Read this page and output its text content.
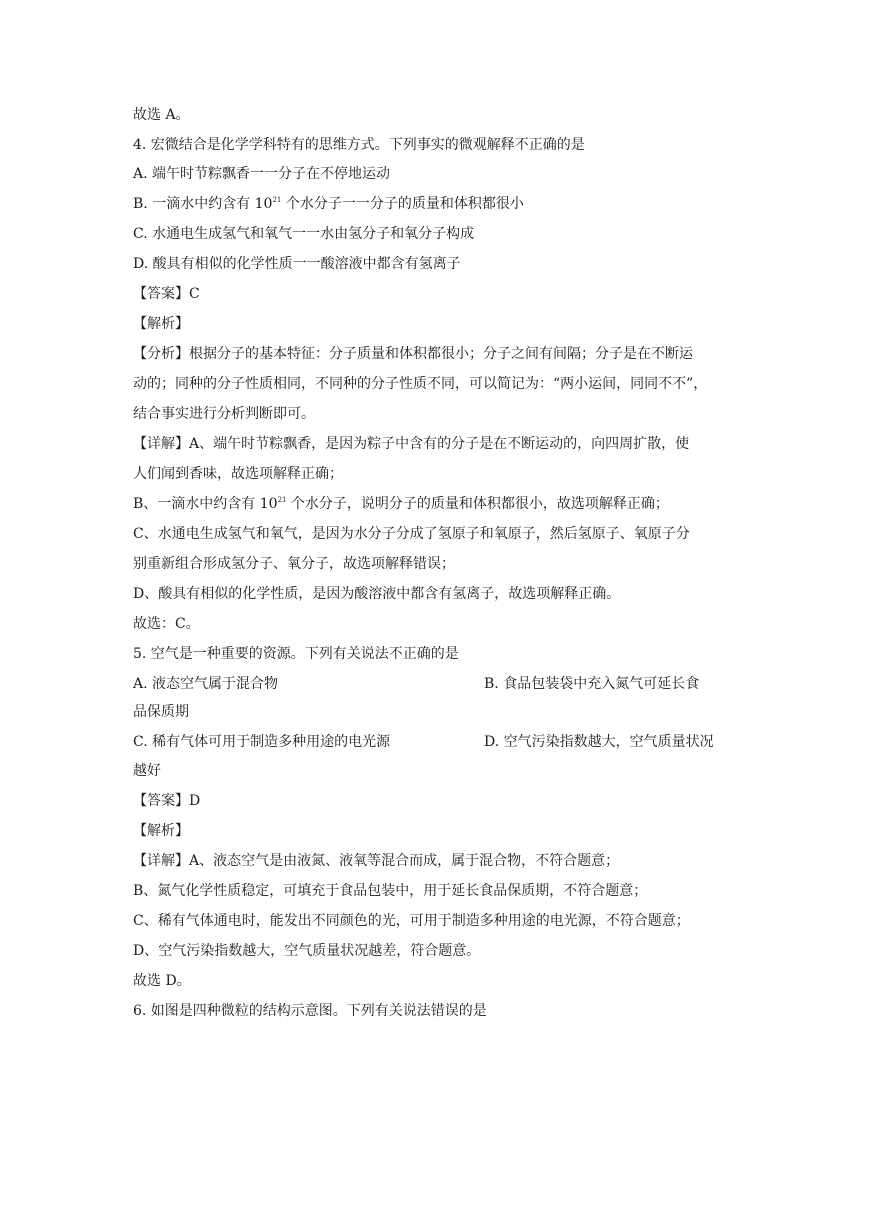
故选 A。
4. 宏微结合是化学学科特有的思维方式。下列事实的微观解释不正确的是
A. 端午时节粽飘香一一分子在不停地运动
B. 一滴水中约含有 $10^{21}$ 个水分子一一分子的质量和体积都很小
C. 水通电生成氢气和氧气一一水由氢分子和氧分子构成
D. 酸具有相似的化学性质一一酸溶液中都含有氢离子
【答案】C
【解析】
【分析】根据分子的基本特征：分子质量和体积都很小；分子之间有间隔；分子是在不断运
动的；同种的分子性质相同，不同种的分子性质不同，可以简记为：“两小运间，同同不不”，
结合事实进行分析判断即可。
【详解】A、端午时节粽飘香，是因为粽子中含有的分子是在不断运动的，向四周扩散，使
人们闻到香味，故选项解释正确；
B、一滴水中约含有 $10^{21}$ 个水分子，说明分子的质量和体积都很小，故选项解释正确；
C、水通电生成氢气和氧气，是因为水分子分成了氢原子和氧原子，然后氢原子、氧原子分
别重新组合形成氢分子、氧分子，故选项解释错误；
D、酸具有相似的化学性质，是因为酸溶液中都含有氢离子，故选项解释正确。
故选：C。
5. 空气是一种重要的资源。下列有关说法不正确的是
A. 液态空气属于混合物	B. 食品包装袋中充入氮气可延长食
品保质期
C. 稀有气体可用于制造多种用途的电光源	D. 空气污染指数越大，空气质量状况
越好
【答案】D
【解析】
【详解】A、液态空气是由液氮、液氧等混合而成，属于混合物，不符合题意；
B、氮气化学性质稳定，可填充于食品包装中，用于延长食品保质期，不符合题意；
C、稀有气体通电时，能发出不同颜色的光，可用于制造多种用途的电光源，不符合题意；
D、空气污染指数越大，空气质量状况越差，符合题意。
故选 D。
6. 如图是四种微粒的结构示意图。下列有关说法错误的是
